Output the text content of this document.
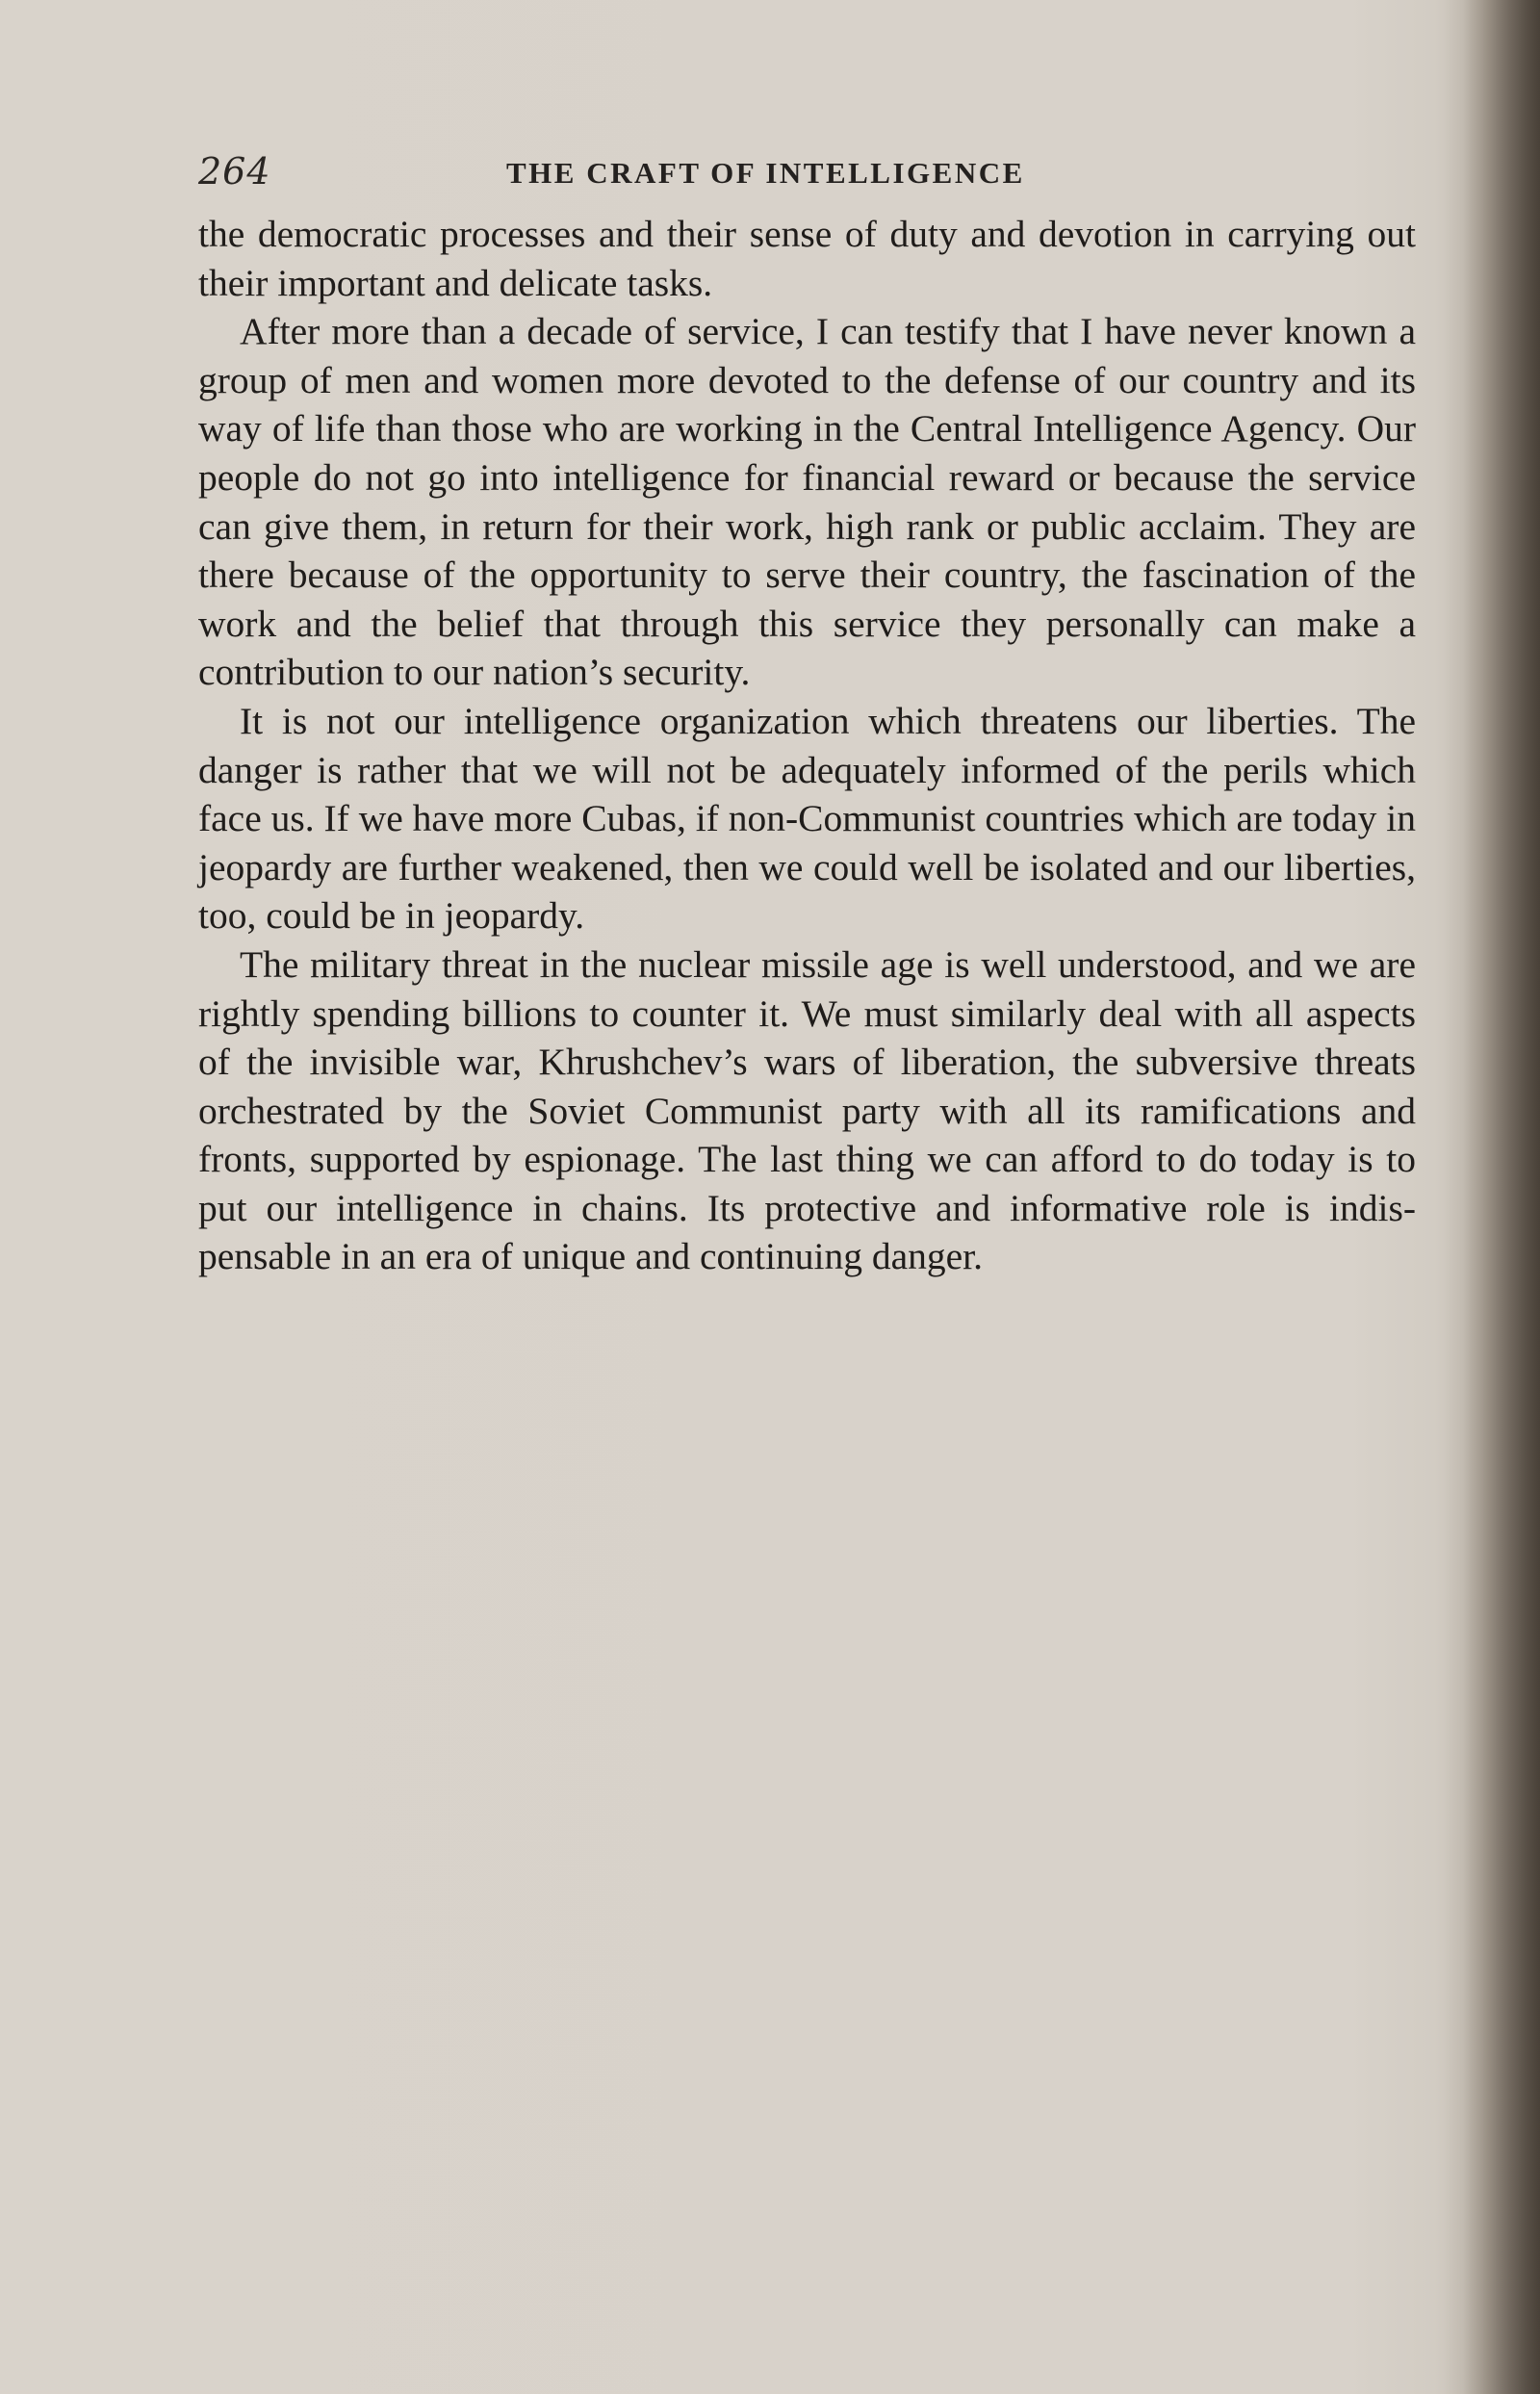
264	THE CRAFT OF INTELLIGENCE

the democratic processes and their sense of duty and devotion in carrying out their important and delicate tasks.

After more than a decade of service, I can testify that I have never known a group of men and women more devoted to the defense of our country and its way of life than those who are working in the Central Intelligence Agency. Our people do not go into intelligence for financial reward or because the service can give them, in return for their work, high rank or public acclaim. They are there because of the opportunity to serve their country, the fascination of the work and the belief that through this service they personally can make a contribution to our nation’s security.

It is not our intelligence organization which threatens our liberties. The danger is rather that we will not be adequately informed of the perils which face us. If we have more Cubas, if non-Communist countries which are today in jeopardy are further weakened, then we could well be isolated and our liberties, too, could be in jeopardy.

The military threat in the nuclear missile age is well understood, and we are rightly spending billions to counter it. We must similarly deal with all aspects of the invisible war, Khrushchev’s wars of liberation, the subversive threats orchestrated by the Soviet Communist party with all its ramifications and fronts, supported by espionage. The last thing we can afford to do today is to put our intelligence in chains. Its protective and informative role is indispensable in an era of unique and continuing danger.
